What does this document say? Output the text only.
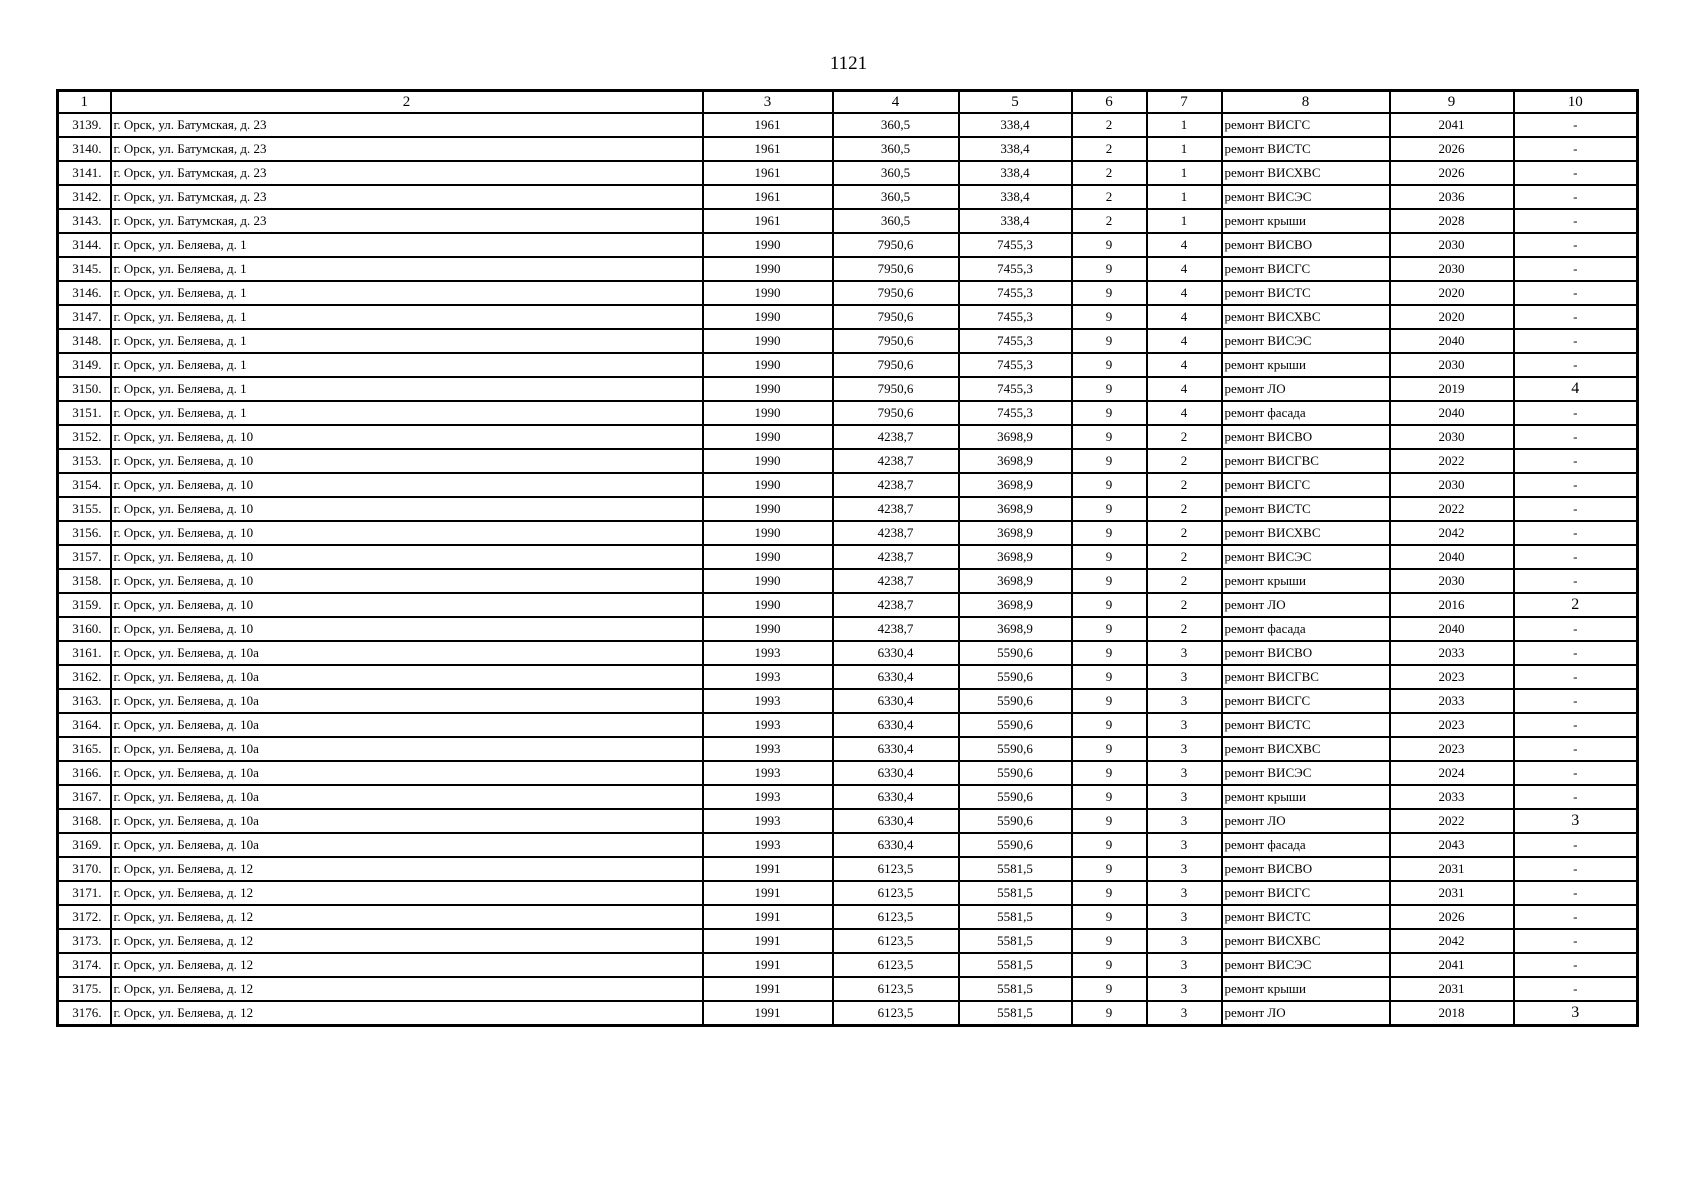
1121
1	2	3	4	5	6	7	8	9	10
3139.	г. Орск, ул. Батумская, д. 23	1961	360,5	338,4	2	1	ремонт ВИСГС	2041	-
3140.	г. Орск, ул. Батумская, д. 23	1961	360,5	338,4	2	1	ремонт ВИСТС	2026	-
3141.	г. Орск, ул. Батумская, д. 23	1961	360,5	338,4	2	1	ремонт ВИСХВС	2026	-
3142.	г. Орск, ул. Батумская, д. 23	1961	360,5	338,4	2	1	ремонт ВИСЭС	2036	-
3143.	г. Орск, ул. Батумская, д. 23	1961	360,5	338,4	2	1	ремонт крыши	2028	-
3144.	г. Орск, ул. Беляева, д. 1	1990	7950,6	7455,3	9	4	ремонт ВИСВО	2030	-
3145.	г. Орск, ул. Беляева, д. 1	1990	7950,6	7455,3	9	4	ремонт ВИСГС	2030	-
3146.	г. Орск, ул. Беляева, д. 1	1990	7950,6	7455,3	9	4	ремонт ВИСТС	2020	-
3147.	г. Орск, ул. Беляева, д. 1	1990	7950,6	7455,3	9	4	ремонт ВИСХВС	2020	-
3148.	г. Орск, ул. Беляева, д. 1	1990	7950,6	7455,3	9	4	ремонт ВИСЭС	2040	-
3149.	г. Орск, ул. Беляева, д. 1	1990	7950,6	7455,3	9	4	ремонт крыши	2030	-
3150.	г. Орск, ул. Беляева, д. 1	1990	7950,6	7455,3	9	4	ремонт ЛО	2019	4
3151.	г. Орск, ул. Беляева, д. 1	1990	7950,6	7455,3	9	4	ремонт фасада	2040	-
3152.	г. Орск, ул. Беляева, д. 10	1990	4238,7	3698,9	9	2	ремонт ВИСВО	2030	-
3153.	г. Орск, ул. Беляева, д. 10	1990	4238,7	3698,9	9	2	ремонт ВИСГВС	2022	-
3154.	г. Орск, ул. Беляева, д. 10	1990	4238,7	3698,9	9	2	ремонт ВИСГС	2030	-
3155.	г. Орск, ул. Беляева, д. 10	1990	4238,7	3698,9	9	2	ремонт ВИСТС	2022	-
3156.	г. Орск, ул. Беляева, д. 10	1990	4238,7	3698,9	9	2	ремонт ВИСХВС	2042	-
3157.	г. Орск, ул. Беляева, д. 10	1990	4238,7	3698,9	9	2	ремонт ВИСЭС	2040	-
3158.	г. Орск, ул. Беляева, д. 10	1990	4238,7	3698,9	9	2	ремонт крыши	2030	-
3159.	г. Орск, ул. Беляева, д. 10	1990	4238,7	3698,9	9	2	ремонт ЛО	2016	2
3160.	г. Орск, ул. Беляева, д. 10	1990	4238,7	3698,9	9	2	ремонт фасада	2040	-
3161.	г. Орск, ул. Беляева, д. 10а	1993	6330,4	5590,6	9	3	ремонт ВИСВО	2033	-
3162.	г. Орск, ул. Беляева, д. 10а	1993	6330,4	5590,6	9	3	ремонт ВИСГВС	2023	-
3163.	г. Орск, ул. Беляева, д. 10а	1993	6330,4	5590,6	9	3	ремонт ВИСГС	2033	-
3164.	г. Орск, ул. Беляева, д. 10а	1993	6330,4	5590,6	9	3	ремонт ВИСТС	2023	-
3165.	г. Орск, ул. Беляева, д. 10а	1993	6330,4	5590,6	9	3	ремонт ВИСХВС	2023	-
3166.	г. Орск, ул. Беляева, д. 10а	1993	6330,4	5590,6	9	3	ремонт ВИСЭС	2024	-
3167.	г. Орск, ул. Беляева, д. 10а	1993	6330,4	5590,6	9	3	ремонт крыши	2033	-
3168.	г. Орск, ул. Беляева, д. 10а	1993	6330,4	5590,6	9	3	ремонт ЛО	2022	3
3169.	г. Орск, ул. Беляева, д. 10а	1993	6330,4	5590,6	9	3	ремонт фасада	2043	-
3170.	г. Орск, ул. Беляева, д. 12	1991	6123,5	5581,5	9	3	ремонт ВИСВО	2031	-
3171.	г. Орск, ул. Беляева, д. 12	1991	6123,5	5581,5	9	3	ремонт ВИСГС	2031	-
3172.	г. Орск, ул. Беляева, д. 12	1991	6123,5	5581,5	9	3	ремонт ВИСТС	2026	-
3173.	г. Орск, ул. Беляева, д. 12	1991	6123,5	5581,5	9	3	ремонт ВИСХВС	2042	-
3174.	г. Орск, ул. Беляева, д. 12	1991	6123,5	5581,5	9	3	ремонт ВИСЭС	2041	-
3175.	г. Орск, ул. Беляева, д. 12	1991	6123,5	5581,5	9	3	ремонт крыши	2031	-
3176.	г. Орск, ул. Беляева, д. 12	1991	6123,5	5581,5	9	3	ремонт ЛО	2018	3
